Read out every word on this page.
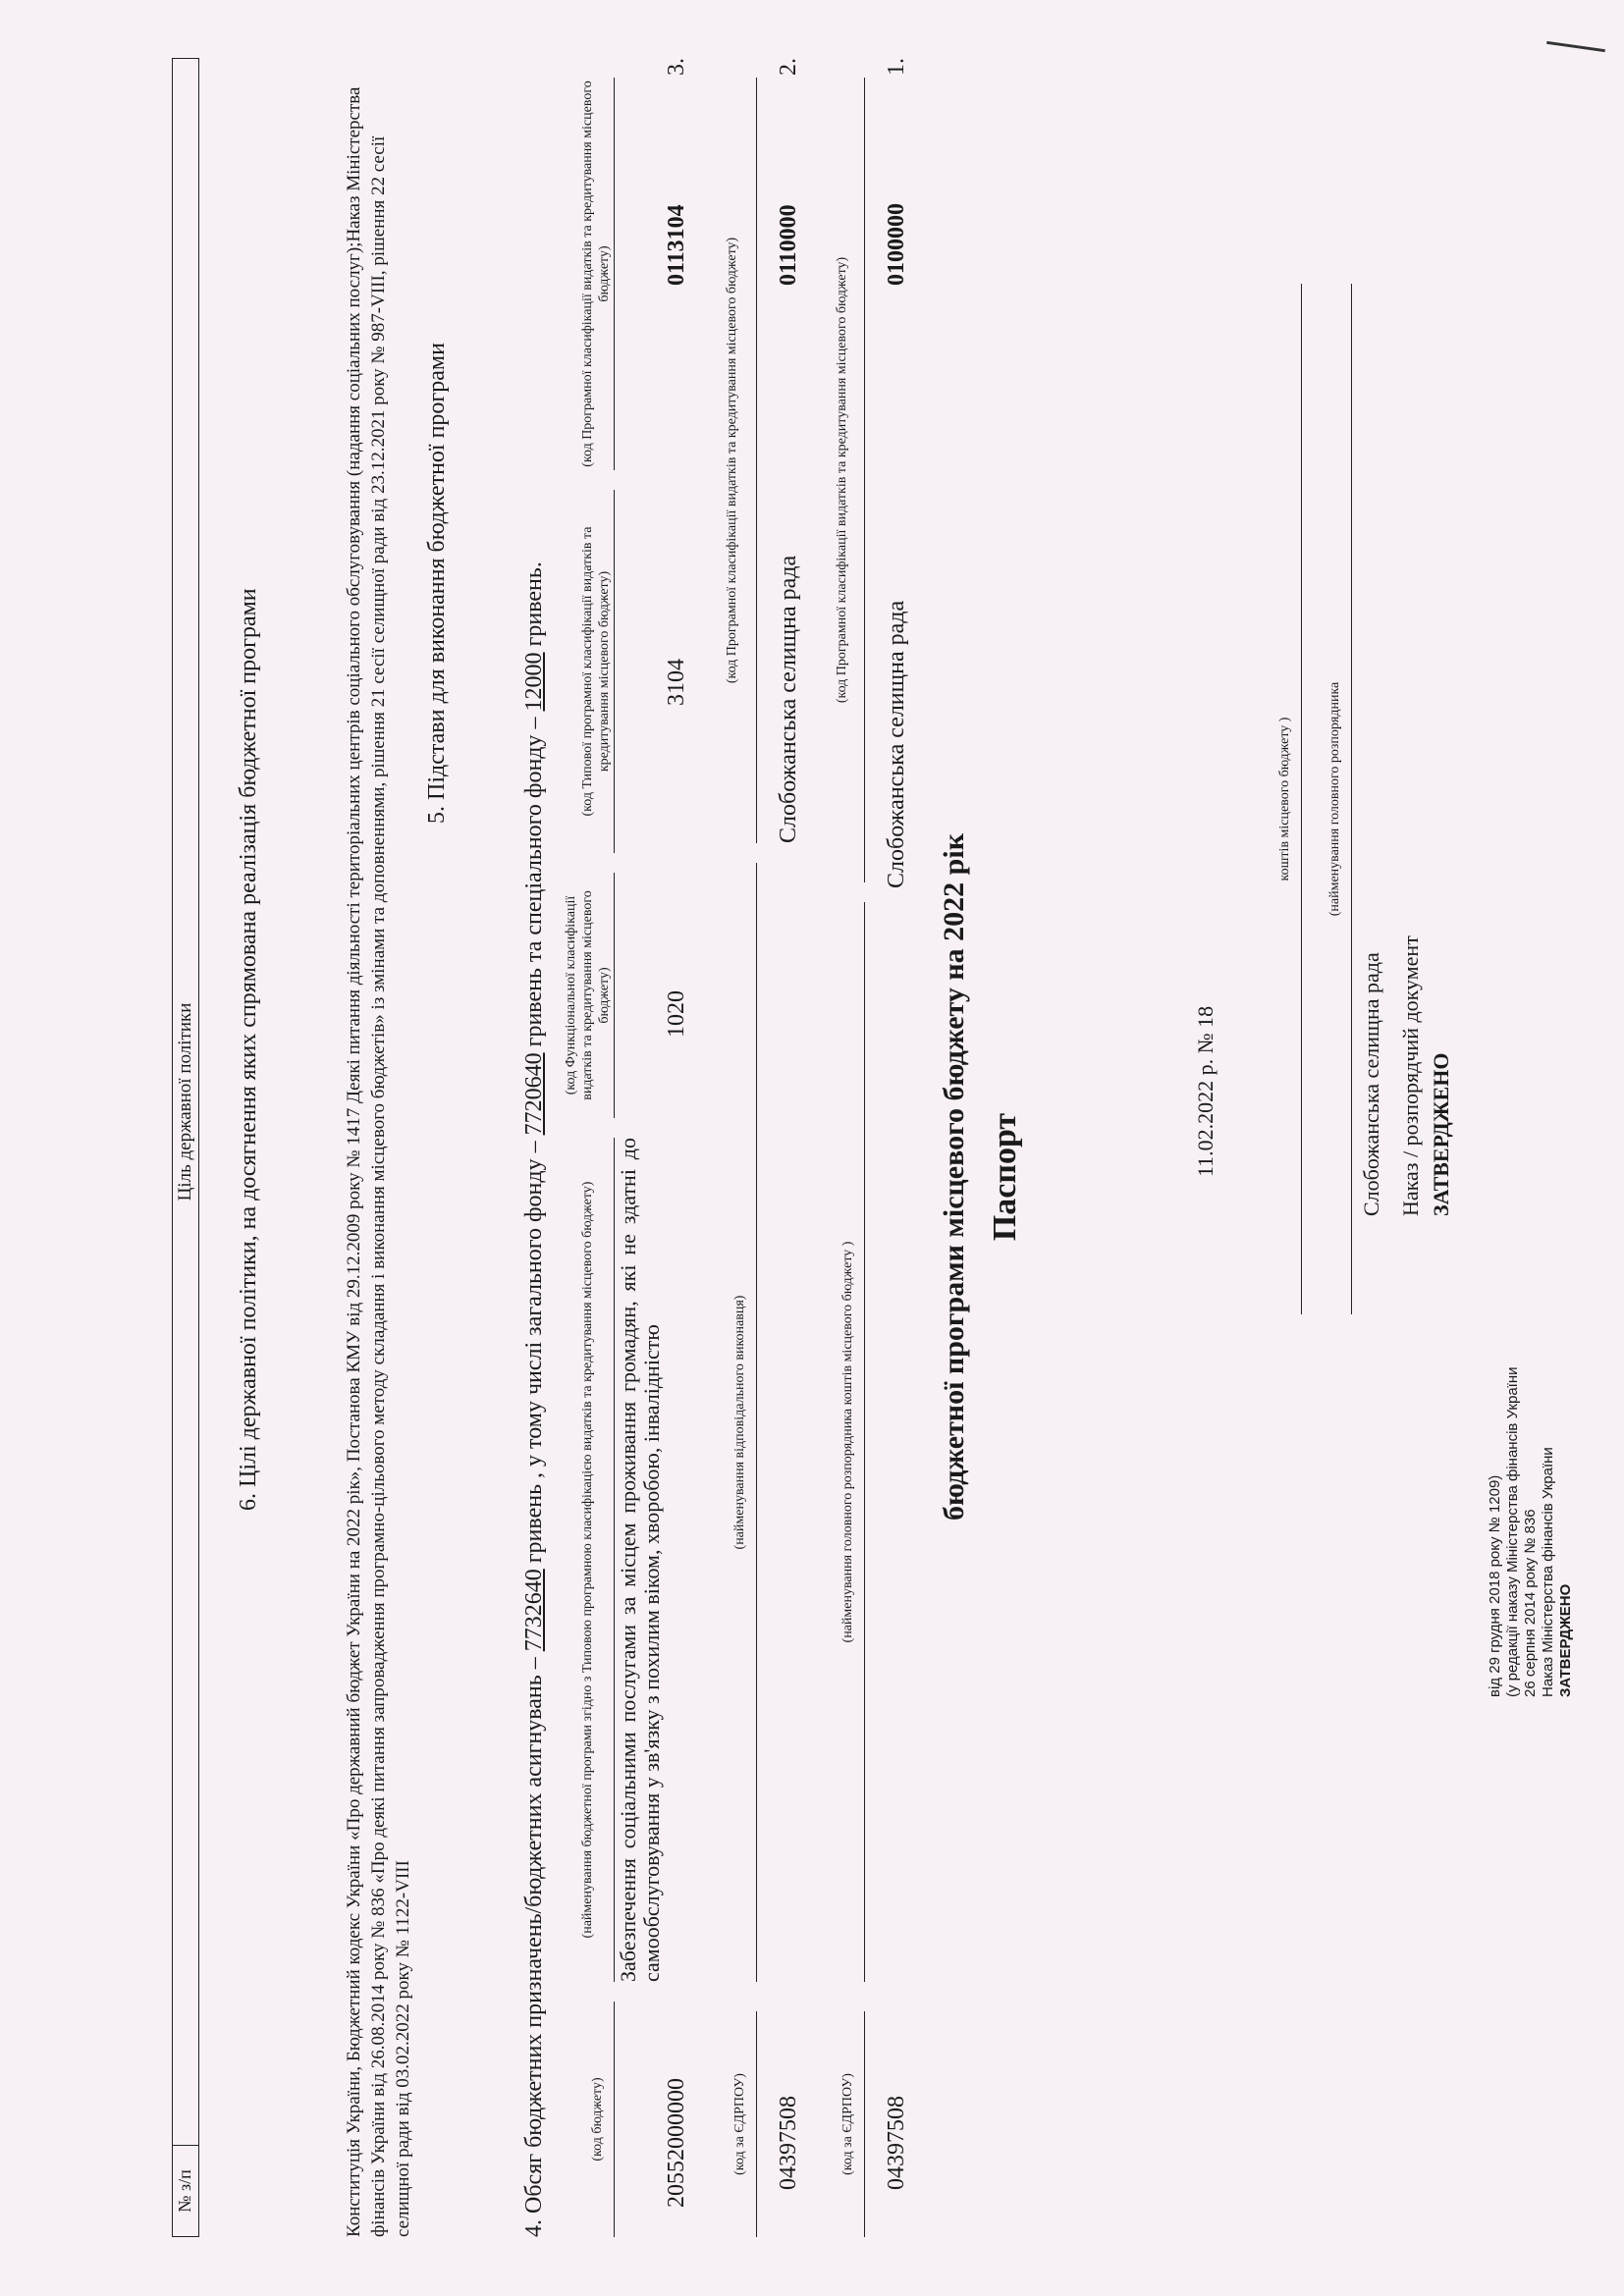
ЗАТВЕРДЖЕНО
Наказ Міністерства фінансів України
26 серпня 2014 року № 836
(у редакції наказу Міністерства фінансів України
від 29 грудня 2018 року № 1209)
ЗАТВЕРДЖЕНО
Наказ / розпорядчий документ
Слобожанська селищна рада
(найменування головного розпорядника
коштів місцевого бюджету )
11.02.2022 р. № 18
Паспорт
бюджетної програми місцевого бюджету на 2022 рік
1.
0100000
(код Програмної класифікації видатків та кредитування місцевого бюджету)
Слобожанська селищна рада
(найменування головного розпорядника коштів місцевого бюджету )
04397508
(код за ЄДРПОУ)
2.
0110000
(код Програмної класифікації видатків та кредитування місцевого бюджету)
Слобожанська селищна рада
(найменування відповідального виконавця)
04397508
(код за ЄДРПОУ)
3.
0113104
(код Програмної класифікації видатків та кредитування місцевого бюджету)
3104
(код Типової програмної класифікації видатків та кредитування місцевого бюджету)
1020
(код Функціональної класифікації видатків та кредитування місцевого бюджету)
Забезпечення соціальними послугами за місцем проживання громадян, які не здатні до самообслуговування у зв'язку з похилим віком, хворобою, інвалідністю
(найменування бюджетної програми згідно з Типовою програмною класифікацією видатків та кредитування місцевого бюджету)
20552000000
(код бюджету)
4. Обсяг бюджетних призначень/бюджетних асигнувань – 7732640 гривень , у тому числі загального фонду – 7720640 гривень та спеціального фонду – 12000 гривень.
5. Підстави для виконання бюджетної програми
Конституція України, Бюджетний кодекс України «Про державний бюджет України на 2022 рік», Постанова КМУ від 29.12.2009 року № 1417 Деякі питання діяльності територіальних центрів соціального обслуговування (надання соціальних послуг);Наказ Міністерства фінансів України від 26.08.2014 року № 836 «Про деякі питання запровадження програмно-цільового методу складання і виконання місцевого бюджетів» із змінами та доповненнями, рішення 21 сесії селищної ради від 23.12.2021 року № 987-VIII, рішення 22 сесії селищної ради від 03.02.2022 року № 1122-VIII
6. Цілі державної політики, на досягнення яких спрямована реалізація бюджетної програми
№ з/п	Ціль державної політики
